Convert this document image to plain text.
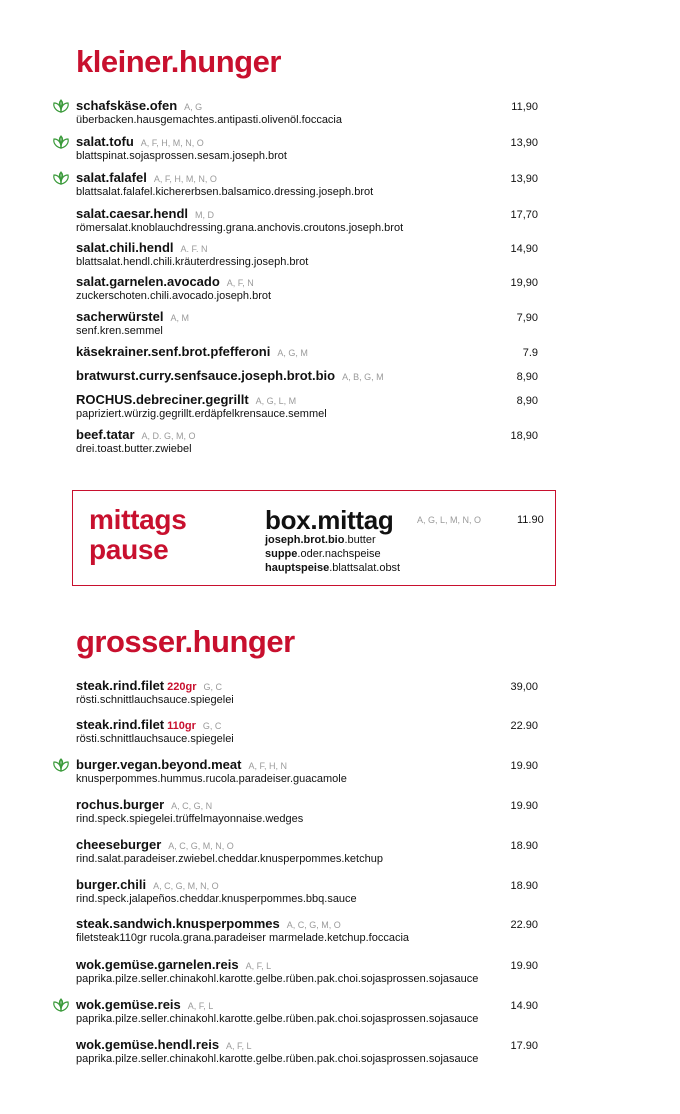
kleiner.hunger
schafskäse.ofen A, G	11,90
überbacken.hausgemachtes.antipasti.olivenöl.foccacia
salat.tofu A, F, H, M, N, O	13,90
blattspinat.sojasprossen.sesam.joseph.brot
salat.falafel A, F, H, M, N, O	13,90
blattsalat.falafel.kichererbsen.balsamico.dressing.joseph.brot
salat.caesar.hendl M, D	17,70
römersalat.knoblauchdressing.grana.anchovis.croutons.joseph.brot
salat.chili.hendl A. F. N	14,90
blattsalat.hendl.chili.kräuterdressing.joseph.brot
salat.garnelen.avocado A, F, N	19,90
zuckerschoten.chili.avocado.joseph.brot
sacherwürstel A, M	7,90
senf.kren.semmel
käsekrainer.senf.brot.pfefferoni A, G, M	7.9
bratwurst.curry.senfsauce.joseph.brot.bio A, B, G, M	8,90
ROCHUS.debreciner.gegrillt A, G, L, M	8,90
papriziert.würzig.gegrillt.erdäpfelkrensauce.semmel
beef.tatar A, D. G, M, O	18,90
drei.toast.butter.zwiebel
mittags
pause
box.mittag	A, G, L, M, N, O	11.90
joseph.brot.bio.butter
suppe.oder.nachspeise
hauptspeise.blattsalat.obst
grosser.hunger
steak.rind.filet 220gr G, C	39,00
rösti.schnittlauchsauce.spiegelei
steak.rind.filet 110gr G, C	22.90
rösti.schnittlauchsauce.spiegelei
burger.vegan.beyond.meat A, F, H, N	19.90
knusperpommes.hummus.rucola.paradeiser.guacamole
rochus.burger A, C, G, N	19.90
rind.speck.spiegelei.trüffelmayonnaise.wedges
cheeseburger A, C, G, M, N, O	18.90
rind.salat.paradeiser.zwiebel.cheddar.knusperpommes.ketchup
burger.chili A, C, G, M, N, O	18.90
rind.speck.jalapeños.cheddar.knusperpommes.bbq.sauce
steak.sandwich.knusperpommes A, C, G, M, O	22.90
filetsteak110gr rucola.grana.paradeiser marmelade.ketchup.foccacia
wok.gemüse.garnelen.reis A, F, L	19.90
paprika.pilze.seller.chinakohl.karotte.gelbe.rüben.pak.choi.sojasprossen.sojasauce
wok.gemüse.reis A, F, L	14.90
paprika.pilze.seller.chinakohl.karotte.gelbe.rüben.pak.choi.sojasprossen.sojasauce
wok.gemüse.hendl.reis A, F, L	17.90
paprika.pilze.seller.chinakohl.karotte.gelbe.rüben.pak.choi.sojasprossen.sojasauce
